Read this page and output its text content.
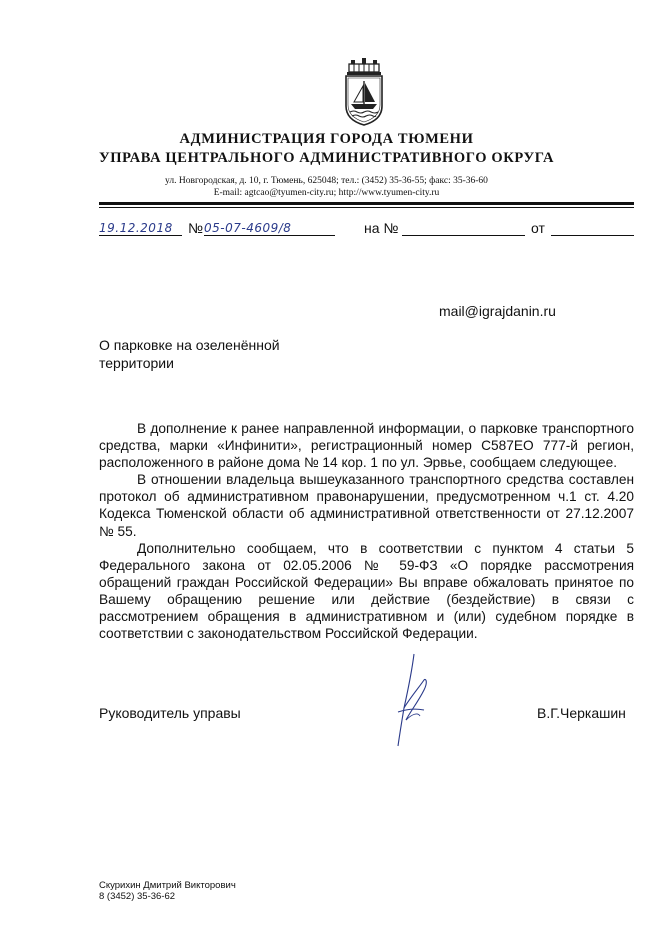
АДМИНИСТРАЦИЯ ГОРОДА ТЮМЕНИ
УПРАВА ЦЕНТРАЛЬНОГО АДМИНИСТРАТИВНОГО ОКРУГА
ул. Новгородская, д. 10, г. Тюмень, 625048; тел.: (3452) 35-36-55; факс: 35-36-60
E-mail: agtcao@tyumen-city.ru; http://www.tyumen-city.ru
19.12.2018	№ 05-07-4609/8	на №	от
mail@igrajdanin.ru
О парковке на озеленённой
территории

В дополнение к ранее направленной информации, о парковке транспортного средства, марки «Инфинити», регистрационный номер С587ЕО 777-й регион, расположенного в районе дома № 14 кор. 1 по ул. Эрвье, сообщаем следующее.

В отношении владельца вышеуказанного транспортного средства составлен протокол об административном правонарушении, предусмотренном ч.1 ст. 4.20 Кодекса Тюменской области об административной ответственности от 27.12.2007 № 55.

Дополнительно сообщаем, что в соответствии с пунктом 4 статьи 5 Федерального закона от 02.05.2006 № 59-ФЗ «О порядке рассмотрения обращений граждан Российской Федерации» Вы вправе обжаловать принятое по Вашему обращению решение или действие (бездействие) в связи с рассмотрением обращения в административном и (или) судебном порядке в соответствии с законодательством Российской Федерации.

Руководитель управы	В.Г.Черкашин
Скурихин Дмитрий Викторович
8 (3452) 35-36-62
